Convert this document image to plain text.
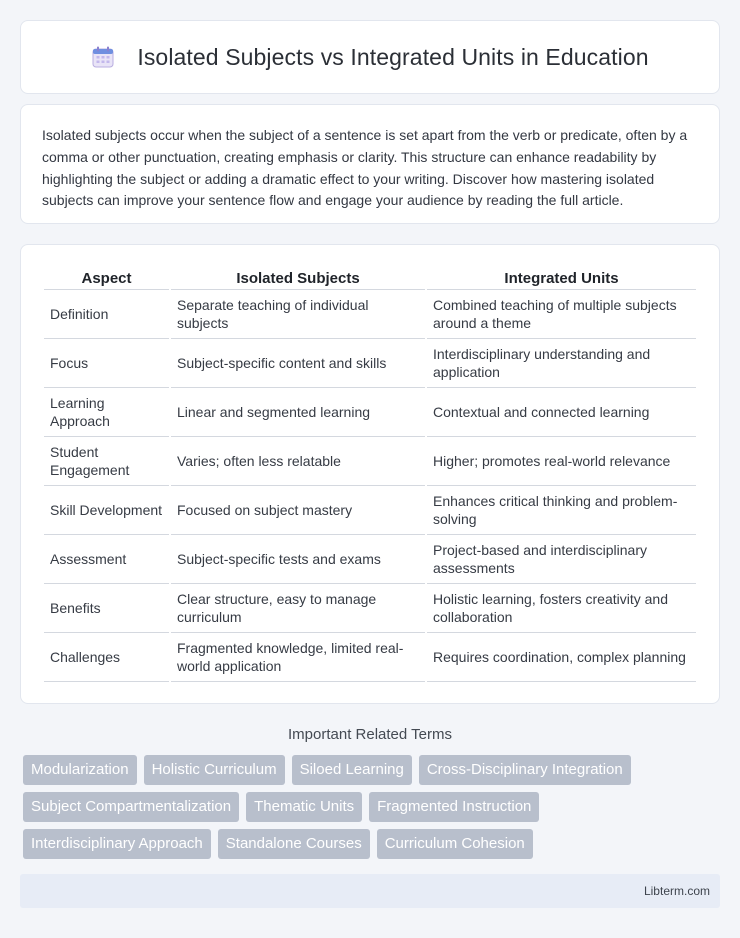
Isolated Subjects vs Integrated Units in Education

Isolated subjects occur when the subject of a sentence is set apart from the verb or predicate, often by a comma or other punctuation, creating emphasis or clarity. This structure can enhance readability by highlighting the subject or adding a dramatic effect to your writing. Discover how mastering isolated subjects can improve your sentence flow and engage your audience by reading the full article.

Aspect	Isolated Subjects	Integrated Units
Definition	Separate teaching of individual subjects	Combined teaching of multiple subjects around a theme
Focus	Subject-specific content and skills	Interdisciplinary understanding and application
Learning Approach	Linear and segmented learning	Contextual and connected learning
Student Engagement	Varies; often less relatable	Higher; promotes real-world relevance
Skill Development	Focused on subject mastery	Enhances critical thinking and problem-solving
Assessment	Subject-specific tests and exams	Project-based and interdisciplinary assessments
Benefits	Clear structure, easy to manage curriculum	Holistic learning, fosters creativity and collaboration
Challenges	Fragmented knowledge, limited real-world application	Requires coordination, complex planning
Important Related Terms
Modularization	Holistic Curriculum	Siloed Learning	Cross-Disciplinary Integration
Subject Compartmentalization	Thematic Units	Fragmented Instruction
Interdisciplinary Approach	Standalone Courses	Curriculum Cohesion
Libterm.com
